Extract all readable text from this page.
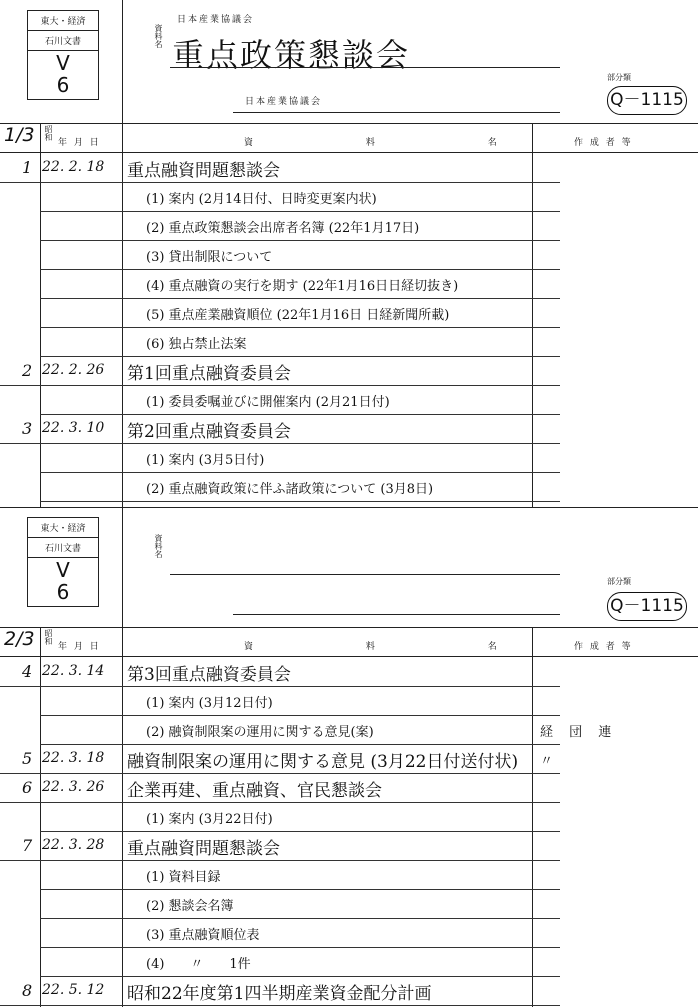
東大・経済
石川文書
V
6
日本産業協議会
資料名 重点政策懇談会
日本産業協議会
部分類
Q－1115
1/3 昭和
年 月 日	資 料 名 作 成 者 等
1 22. 2. 18 重点融資問題懇談会
(1) 案内 (2月14日付、日時変更案内状)
(2) 重点政策懇談会出席者名簿 (22年1月17日)
(3) 貸出制限について
(4) 重点融資の実行を期す (22年1月16日日経切抜き)
(5) 重点産業融資順位 (22年1月16日 日経新聞所載)
(6) 独占禁止法案
2 22. 2. 26 第1回重点融資委員会
(1) 委員委嘱並びに開催案内 (2月21日付)
3 22. 3. 10 第2回重点融資委員会
(1) 案内 (3月5日付)
(2) 重点融資政策に伴ふ諸政策について (3月8日)
東大・経済
石川文書
V
6
資料名
部分類
Q－1115
2/3 昭和
年 月 日	資 料 名 作 成 者 等
4 22. 3. 14 第3回重点融資委員会
(1) 案内 (3月12日付)
(2) 融資制限案の運用に関する意見(案)	経 団 連
5 22. 3. 18 融資制限案の運用に関する意見 (3月22日付送付状) 〃
6 22. 3. 26 企業再建、重点融資、官民懇談会
(1) 案内 (3月22日付)
7 22. 3. 28 重点融資問題懇談会
(1) 資料目録
(2) 懇談会名簿
(3) 重点融資順位表
(4)　　〃　　1件
8 22. 5. 12 昭和22年度第1四半期産業資金配分計画
